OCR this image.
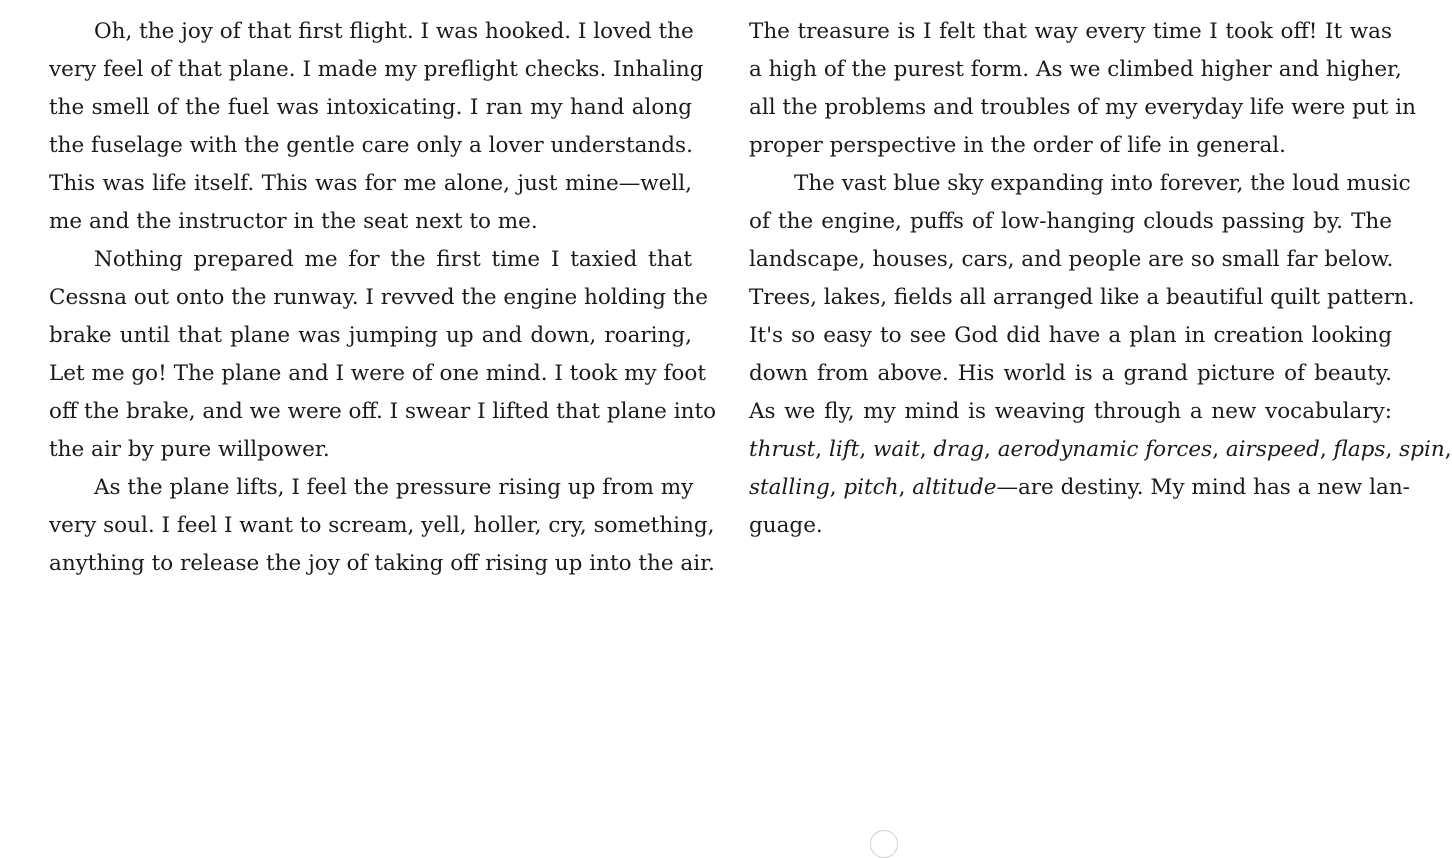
Oh, the joy of that first flight. I was hooked. I loved the
very feel of that plane. I made my preflight checks. Inhaling
the smell of the fuel was intoxicating. I ran my hand along
the fuselage with the gentle care only a lover understands.
This was life itself. This was for me alone, just mine—well,
me and the instructor in the seat next to me.
Nothing prepared me for the first time I taxied that
Cessna out onto the runway. I revved the engine holding the
brake until that plane was jumping up and down, roaring,
Let me go! The plane and I were of one mind. I took my foot
off the brake, and we were off. I swear I lifted that plane into
the air by pure willpower.
As the plane lifts, I feel the pressure rising up from my
very soul. I feel I want to scream, yell, holler, cry, something,
anything to release the joy of taking off rising up into the air.
The treasure is I felt that way every time I took off! It was
a high of the purest form. As we climbed higher and higher,
all the problems and troubles of my everyday life were put in
proper perspective in the order of life in general.
The vast blue sky expanding into forever, the loud music
of the engine, puffs of low-hanging clouds passing by. The
landscape, houses, cars, and people are so small far below.
Trees, lakes, fields all arranged like a beautiful quilt pattern.
It's so easy to see God did have a plan in creation looking
down from above. His world is a grand picture of beauty.
As we fly, my mind is weaving through a new vocabulary:
thrust, lift, wait, drag, aerodynamic forces, airspeed, flaps, spin,
stalling, pitch, altitude—are destiny. My mind has a new lan-
guage.
